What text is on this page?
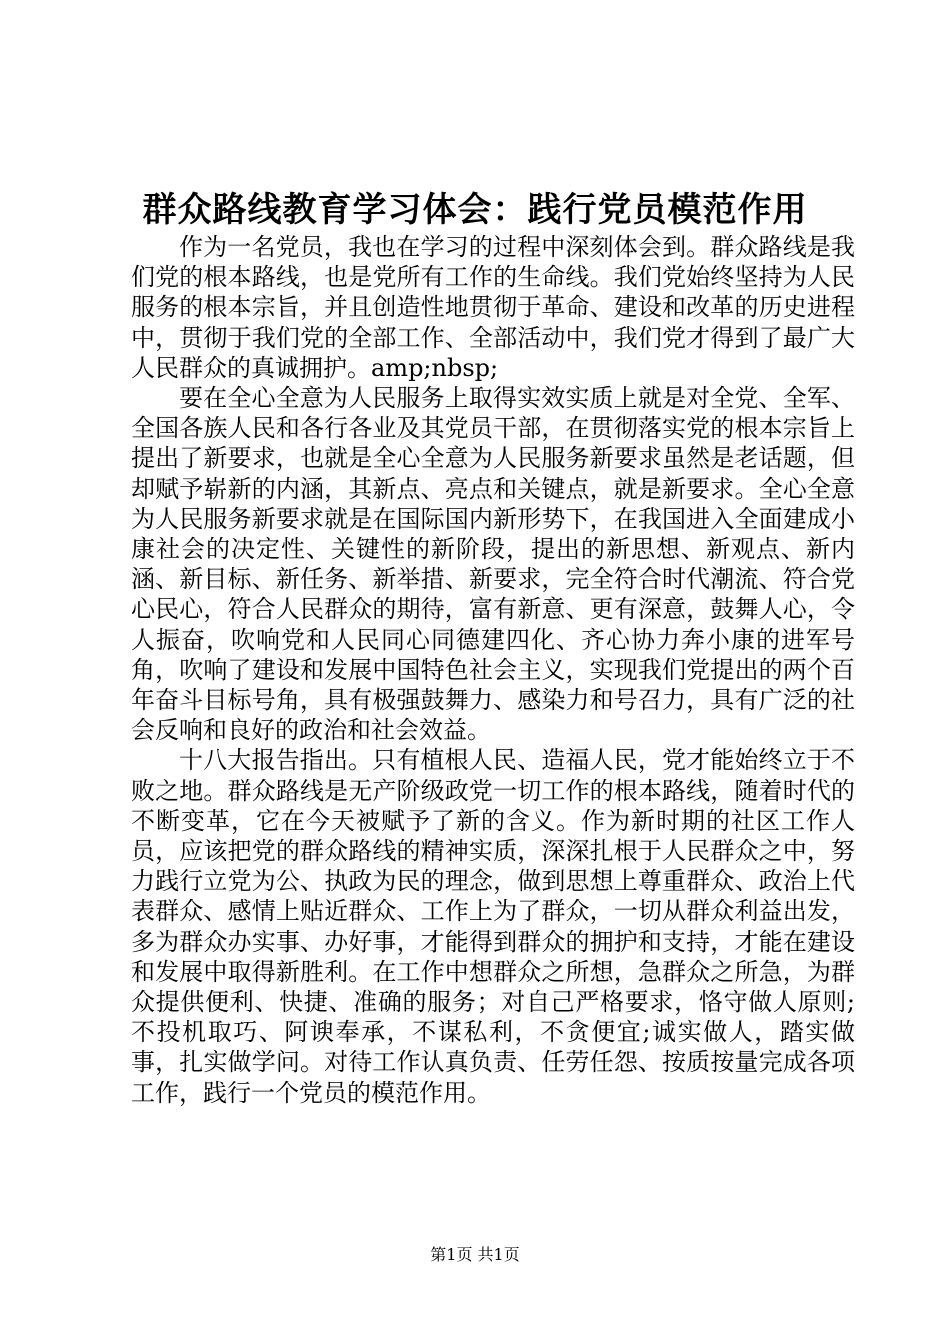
群众路线教育学习体会：践行党员模范作用

作为一名党员，我也在学习的过程中深刻体会到。群众路线是我们党的根本路线，也是党所有工作的生命线。我们党始终坚持为人民服务的根本宗旨，并且创造性地贯彻于革命、建设和改革的历史进程中，贯彻于我们党的全部工作、全部活动中，我们党才得到了最广大人民群众的真诚拥护。amp;nbsp;

要在全心全意为人民服务上取得实效实质上就是对全党、全军、全国各族人民和各行各业及其党员干部，在贯彻落实党的根本宗旨上提出了新要求，也就是全心全意为人民服务新要求虽然是老话题，但却赋予崭新的内涵，其新点、亮点和关键点，就是新要求。全心全意为人民服务新要求就是在国际国内新形势下，在我国进入全面建成小康社会的决定性、关键性的新阶段，提出的新思想、新观点、新内涵、新目标、新任务、新举措、新要求，完全符合时代潮流、符合党心民心，符合人民群众的期待，富有新意、更有深意，鼓舞人心，令人振奋，吹响党和人民同心同德建四化、齐心协力奔小康的进军号角，吹响了建设和发展中国特色社会主义，实现我们党提出的两个百年奋斗目标号角，具有极强鼓舞力、感染力和号召力，具有广泛的社会反响和良好的政治和社会效益。

十八大报告指出。只有植根人民、造福人民，党才能始终立于不败之地。群众路线是无产阶级政党一切工作的根本路线，随着时代的不断变革，它在今天被赋予了新的含义。作为新时期的社区工作人员，应该把党的群众路线的精神实质，深深扎根于人民群众之中，努力践行立党为公、执政为民的理念，做到思想上尊重群众、政治上代表群众、感情上贴近群众、工作上为了群众，一切从群众利益出发，多为群众办实事、办好事，才能得到群众的拥护和支持，才能在建设和发展中取得新胜利。在工作中想群众之所想，急群众之所急，为群众提供便利、快捷、准确的服务；对自己严格要求，恪守做人原则;不投机取巧、阿谀奉承，不谋私利，不贪便宜;诚实做人，踏实做事，扎实做学问。对待工作认真负责、任劳任怨、按质按量完成各项工作，践行一个党员的模范作用。

第1页 共1页
